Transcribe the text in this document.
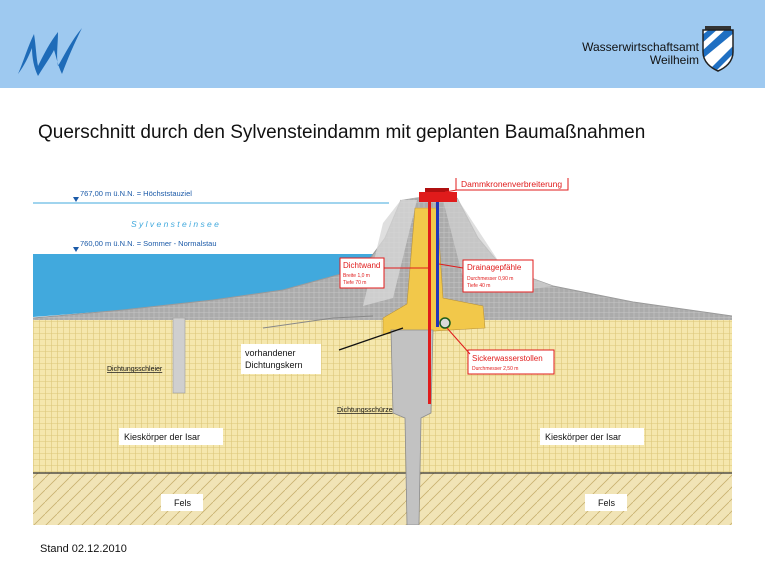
Wasserwirtschaftsamt
Weilheim
Querschnitt durch den Sylvensteindamm mit geplanten Baumaßnahmen
767,00 m ü.N.N. = Höchststauziel
S y l v e n s t e i n s e e
760,00 m ü.N.N. = Sommer - Normalstau
Dammkronenverbreiterung
Dichtwand
Breite 1,0 m
Tiefe 70 m
Drainagepfähle
Durchmesser 0,90 m
Tiefe 40 m
vorhandener
Dichtungskern
Sickerwasserstollen
Durchmesser 2,50 m
Dichtungsschleier
Dichtungsschürze
Kieskörper der Isar	Kieskörper der Isar
Fels	Fels
Stand 02.12.2010
